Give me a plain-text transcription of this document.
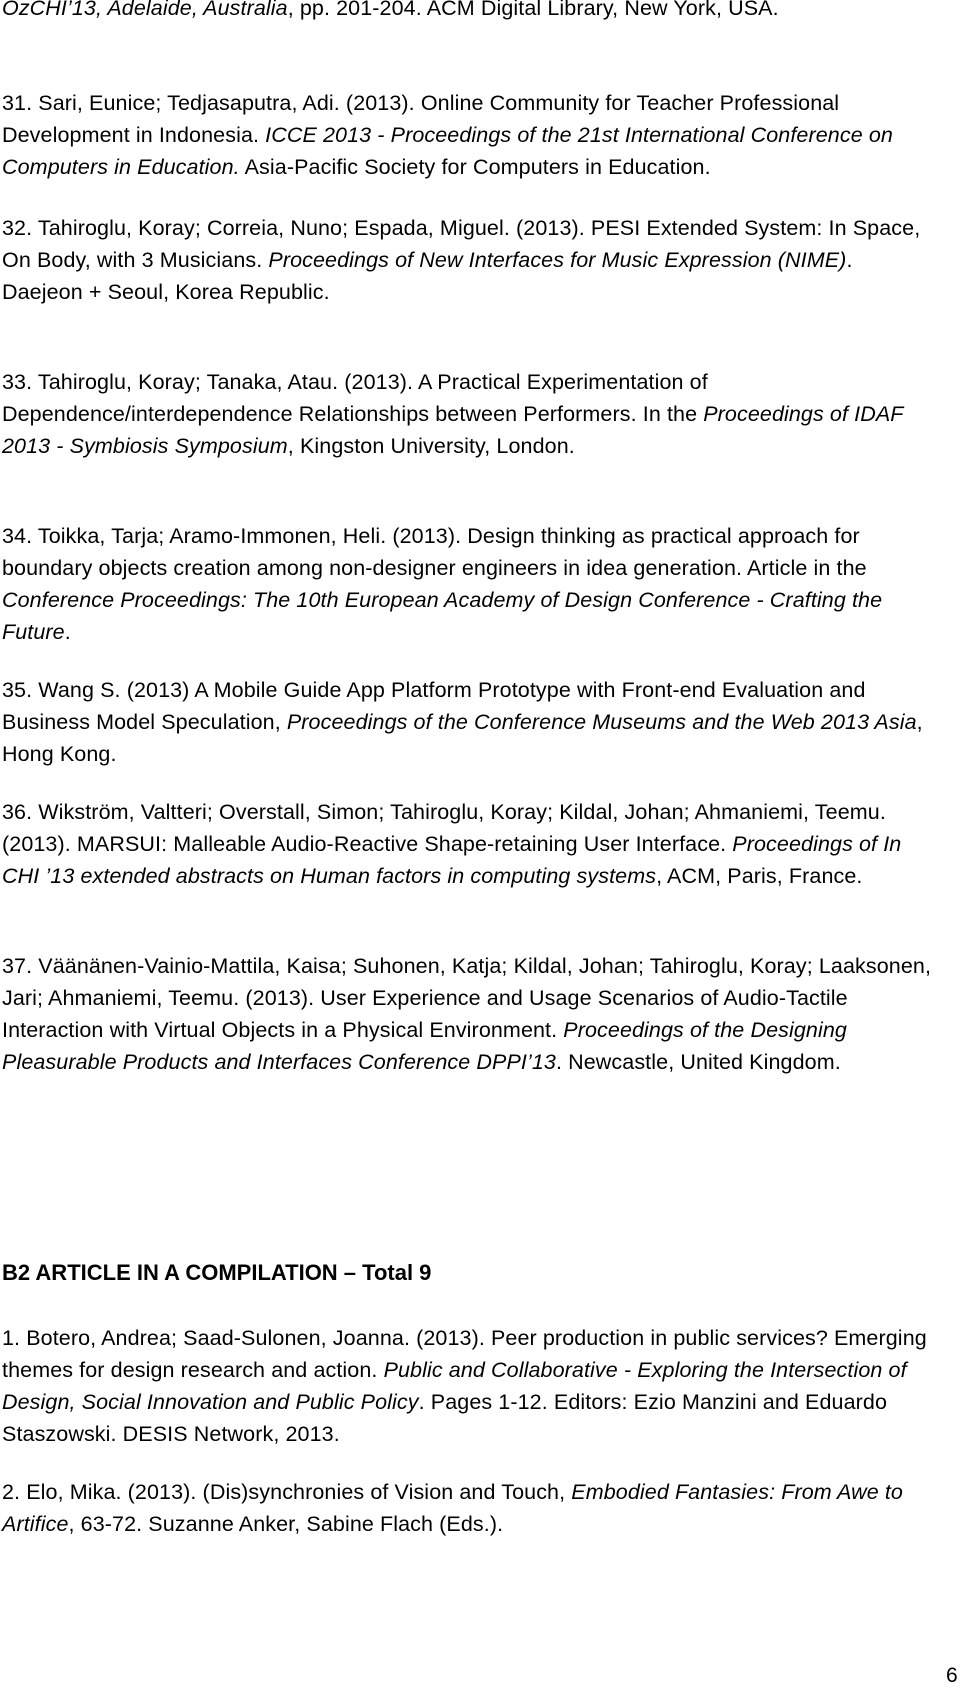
OzCHI’13, Adelaide, Australia, pp. 201-204. ACM Digital Library, New York, USA.

31. Sari, Eunice; Tedjasaputra, Adi. (2013). Online Community for Teacher Professional Development in Indonesia. ICCE 2013 - Proceedings of the 21st International Conference on Computers in Education. Asia-Pacific Society for Computers in Education.

32. Tahiroglu, Koray; Correia, Nuno; Espada, Miguel. (2013). PESI Extended System: In Space, On Body, with 3 Musicians. Proceedings of New Interfaces for Music Expression (NIME). Daejeon + Seoul, Korea Republic.

33. Tahiroglu, Koray; Tanaka, Atau. (2013). A Practical Experimentation of Dependence/interdependence Relationships between Performers. In the Proceedings of IDAF 2013 - Symbiosis Symposium, Kingston University, London.

34. Toikka, Tarja; Aramo-Immonen, Heli. (2013). Design thinking as practical approach for boundary objects creation among non-designer engineers in idea generation. Article in the Conference Proceedings: The 10th European Academy of Design Conference - Crafting the Future.

35. Wang S. (2013) A Mobile Guide App Platform Prototype with Front-end Evaluation and Business Model Speculation, Proceedings of the Conference Museums and the Web 2013 Asia, Hong Kong.

36. Wikström, Valtteri; Overstall, Simon; Tahiroglu, Koray; Kildal, Johan; Ahmaniemi, Teemu. (2013). MARSUI: Malleable Audio-Reactive Shape-retaining User Interface. Proceedings of In CHI ’13 extended abstracts on Human factors in computing systems, ACM, Paris, France.

37. Väänänen-Vainio-Mattila, Kaisa; Suhonen, Katja; Kildal, Johan; Tahiroglu, Koray; Laaksonen, Jari; Ahmaniemi, Teemu. (2013). User Experience and Usage Scenarios of Audio-Tactile Interaction with Virtual Objects in a Physical Environment. Proceedings of the Designing Pleasurable Products and Interfaces Conference DPPI’13. Newcastle, United Kingdom.

B2 ARTICLE IN A COMPILATION – Total 9

1. Botero, Andrea; Saad-Sulonen, Joanna. (2013). Peer production in public services? Emerging themes for design research and action. Public and Collaborative - Exploring the Intersection of Design, Social Innovation and Public Policy. Pages 1-12. Editors: Ezio Manzini and Eduardo Staszowski. DESIS Network, 2013.

2. Elo, Mika. (2013). (Dis)synchronies of Vision and Touch, Embodied Fantasies: From Awe to Artifice, 63-72. Suzanne Anker, Sabine Flach (Eds.).

6
